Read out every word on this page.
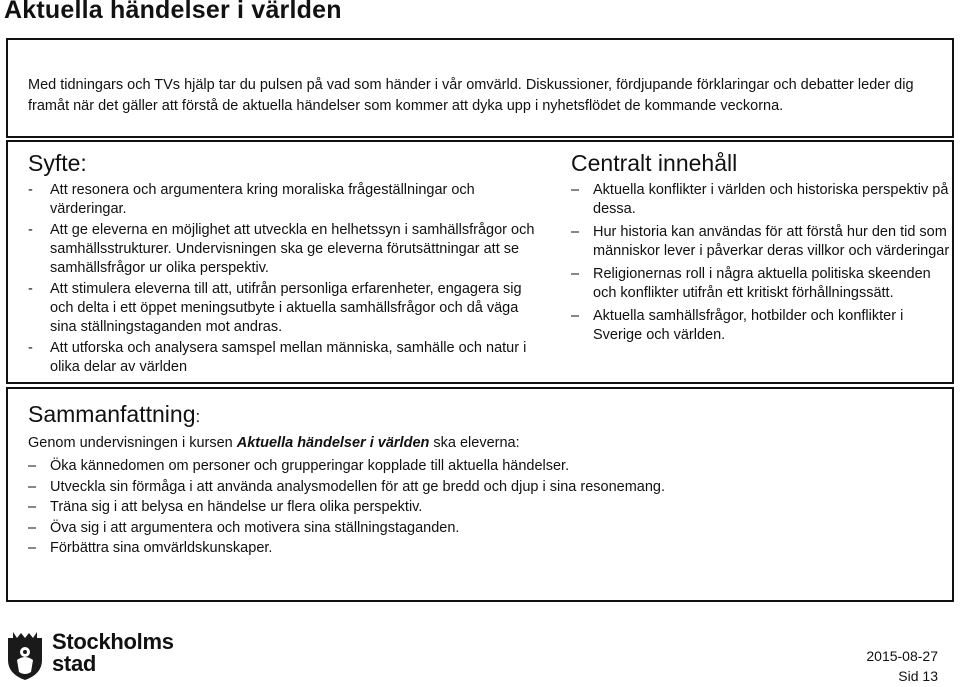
Aktuella händelser i världen
Med tidningars och TVs hjälp tar du pulsen på vad som händer i vår omvärld. Diskussioner, fördjupande förklaringar och debatter leder dig framåt när det gäller att förstå de aktuella händelser som kommer att dyka upp i nyhetsflödet de kommande veckorna.
Syfte:
- Att resonera och argumentera kring moraliska frågeställningar och värderingar.
- Att ge eleverna en möjlighet att utveckla en helhetssyn i samhällsfrågor och samhällsstrukturer. Undervisningen ska ge eleverna förutsättningar att se samhällsfrågor ur olika perspektiv.
- Att stimulera eleverna till att, utifrån personliga erfarenheter, engagera sig och delta i ett öppet meningsutbyte i aktuella samhällsfrågor och då väga sina ställningstaganden mot andras.
- Att utforska och analysera samspel mellan människa, samhälle och natur i olika delar av världen
Centralt innehåll
– Aktuella konflikter i världen och historiska perspektiv på dessa.
– Hur historia kan användas för att förstå hur den tid som människor lever i påverkar deras villkor och värderingar
– Religionernas roll i några aktuella politiska skeenden och konflikter utifrån ett kritiskt förhållningssätt.
– Aktuella samhällsfrågor, hotbilder och konflikter i Sverige och världen.
Sammanfattning:
Genom undervisningen i kursen Aktuella händelser i världen ska eleverna:
– Öka kännedomen om personer och grupperingar kopplade till aktuella händelser.
– Utveckla sin förmåga i att använda analysmodellen för att ge bredd och djup i sina resonemang.
– Träna sig i att belysa en händelse ur flera olika perspektiv.
– Öva sig i att argumentera och motivera sina ställningstaganden.
– Förbättra sina omvärldskunskaper.
Stockholms
stad	2015-08-27
Sid 13
